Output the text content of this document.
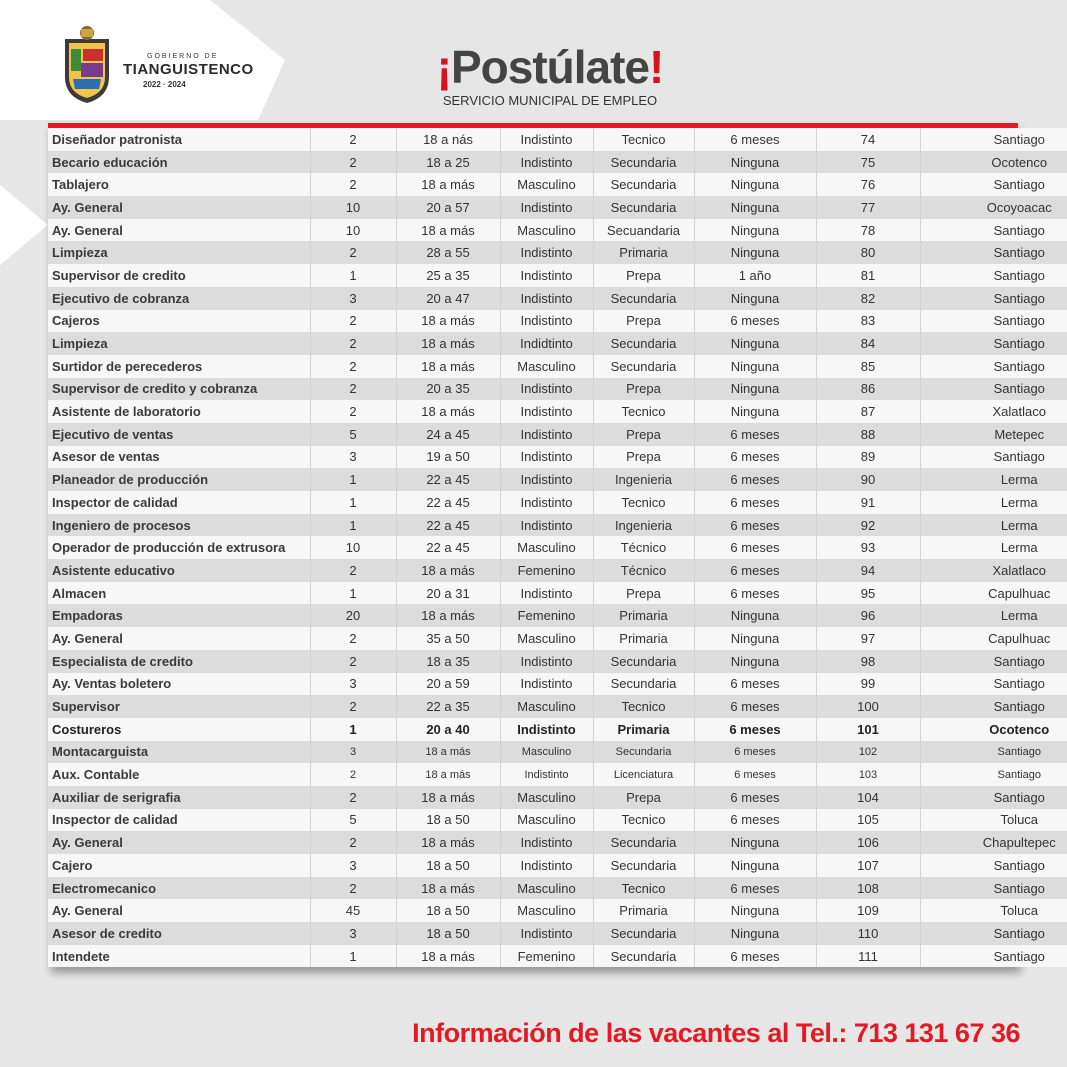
GOBIERNO DE
TIANGUISTENCO
2022 · 2024	¡Postúlate!
SERVICIO MUNICIPAL DE EMPLEO
Diseñador patronista	2	18 a nás	Indistinto	Tecnico	6 meses	74	Santiago
Becario educación	2	18 a 25	Indistinto	Secundaria	Ninguna	75	Ocotenco
Tablajero	2	18 a más	Masculino	Secundaria	Ninguna	76	Santiago
Ay. General	10	20 a 57	Indistinto	Secundaria	Ninguna	77	Ocoyoacac
Ay. General	10	18 a más	Masculino	Secuandaria	Ninguna	78	Santiago
Limpieza	2	28 a 55	Indistinto	Primaria	Ninguna	80	Santiago
Supervisor de credito	1	25 a 35	Indistinto	Prepa	1 año	81	Santiago
Ejecutivo de cobranza	3	20 a 47	Indistinto	Secundaria	Ninguna	82	Santiago
Cajeros	2	18 a más	Indistinto	Prepa	6 meses	83	Santiago
Limpieza	2	18 a más	Indidtinto	Secundaria	Ninguna	84	Santiago
Surtidor de perecederos	2	18 a más	Masculino	Secundaria	Ninguna	85	Santiago
Supervisor de credito y cobranza	2	20 a 35	Indistinto	Prepa	Ninguna	86	Santiago
Asistente de laboratorio	2	18 a más	Indistinto	Tecnico	Ninguna	87	Xalatlaco
Ejecutivo de ventas	5	24 a 45	Indistinto	Prepa	6 meses	88	Metepec
Asesor de ventas	3	19 a 50	Indistinto	Prepa	6 meses	89	Santiago
Planeador de producción	1	22 a 45	Indistinto	Ingenieria	6 meses	90	Lerma
Inspector de calidad	1	22 a 45	Indistinto	Tecnico	6 meses	91	Lerma
Ingeniero de procesos	1	22 a 45	Indistinto	Ingenieria	6 meses	92	Lerma
Operador de producción de extrusora	10	22 a 45	Masculino	Técnico	6 meses	93	Lerma
Asistente educativo	2	18 a más	Femenino	Técnico	6 meses	94	Xalatlaco
Almacen	1	20 a 31	Indistinto	Prepa	6 meses	95	Capulhuac
Empadoras	20	18 a más	Femenino	Primaria	Ninguna	96	Lerma
Ay. General	2	35 a 50	Masculino	Primaria	Ninguna	97	Capulhuac
Especialista de credito	2	18 a 35	Indistinto	Secundaria	Ninguna	98	Santiago
Ay. Ventas boletero	3	20 a 59	Indistinto	Secundaria	6 meses	99	Santiago
Supervisor	2	22 a 35	Masculino	Tecnico	6 meses	100	Santiago
Costureros	1	20 a 40	Indistinto	Primaria	6 meses	101	Ocotenco
Montacarguista	3	18 a más	Masculino	Secundaria	6 meses	102	Santiago
Aux. Contable	2	18 a más	Indistinto	Licenciatura	6 meses	103	Santiago
Auxiliar de serigrafia	2	18 a más	Masculino	Prepa	6 meses	104	Santiago
Inspector de calidad	5	18 a 50	Masculino	Tecnico	6 meses	105	Toluca
Ay. General	2	18 a más	Indistinto	Secundaria	Ninguna	106	Chapultepec
Cajero	3	18 a 50	Indistinto	Secundaria	Ninguna	107	Santiago
Electromecanico	2	18 a más	Masculino	Tecnico	6 meses	108	Santiago
Ay. General	45	18 a 50	Masculino	Primaria	Ninguna	109	Toluca
Asesor de credito	3	18 a 50	Indistinto	Secundaria	Ninguna	110	Santiago
Intendete	1	18 a más	Femenino	Secundaria	6 meses	111	Santiago
Información de las vacantes al Tel.: 713 131 67 36
